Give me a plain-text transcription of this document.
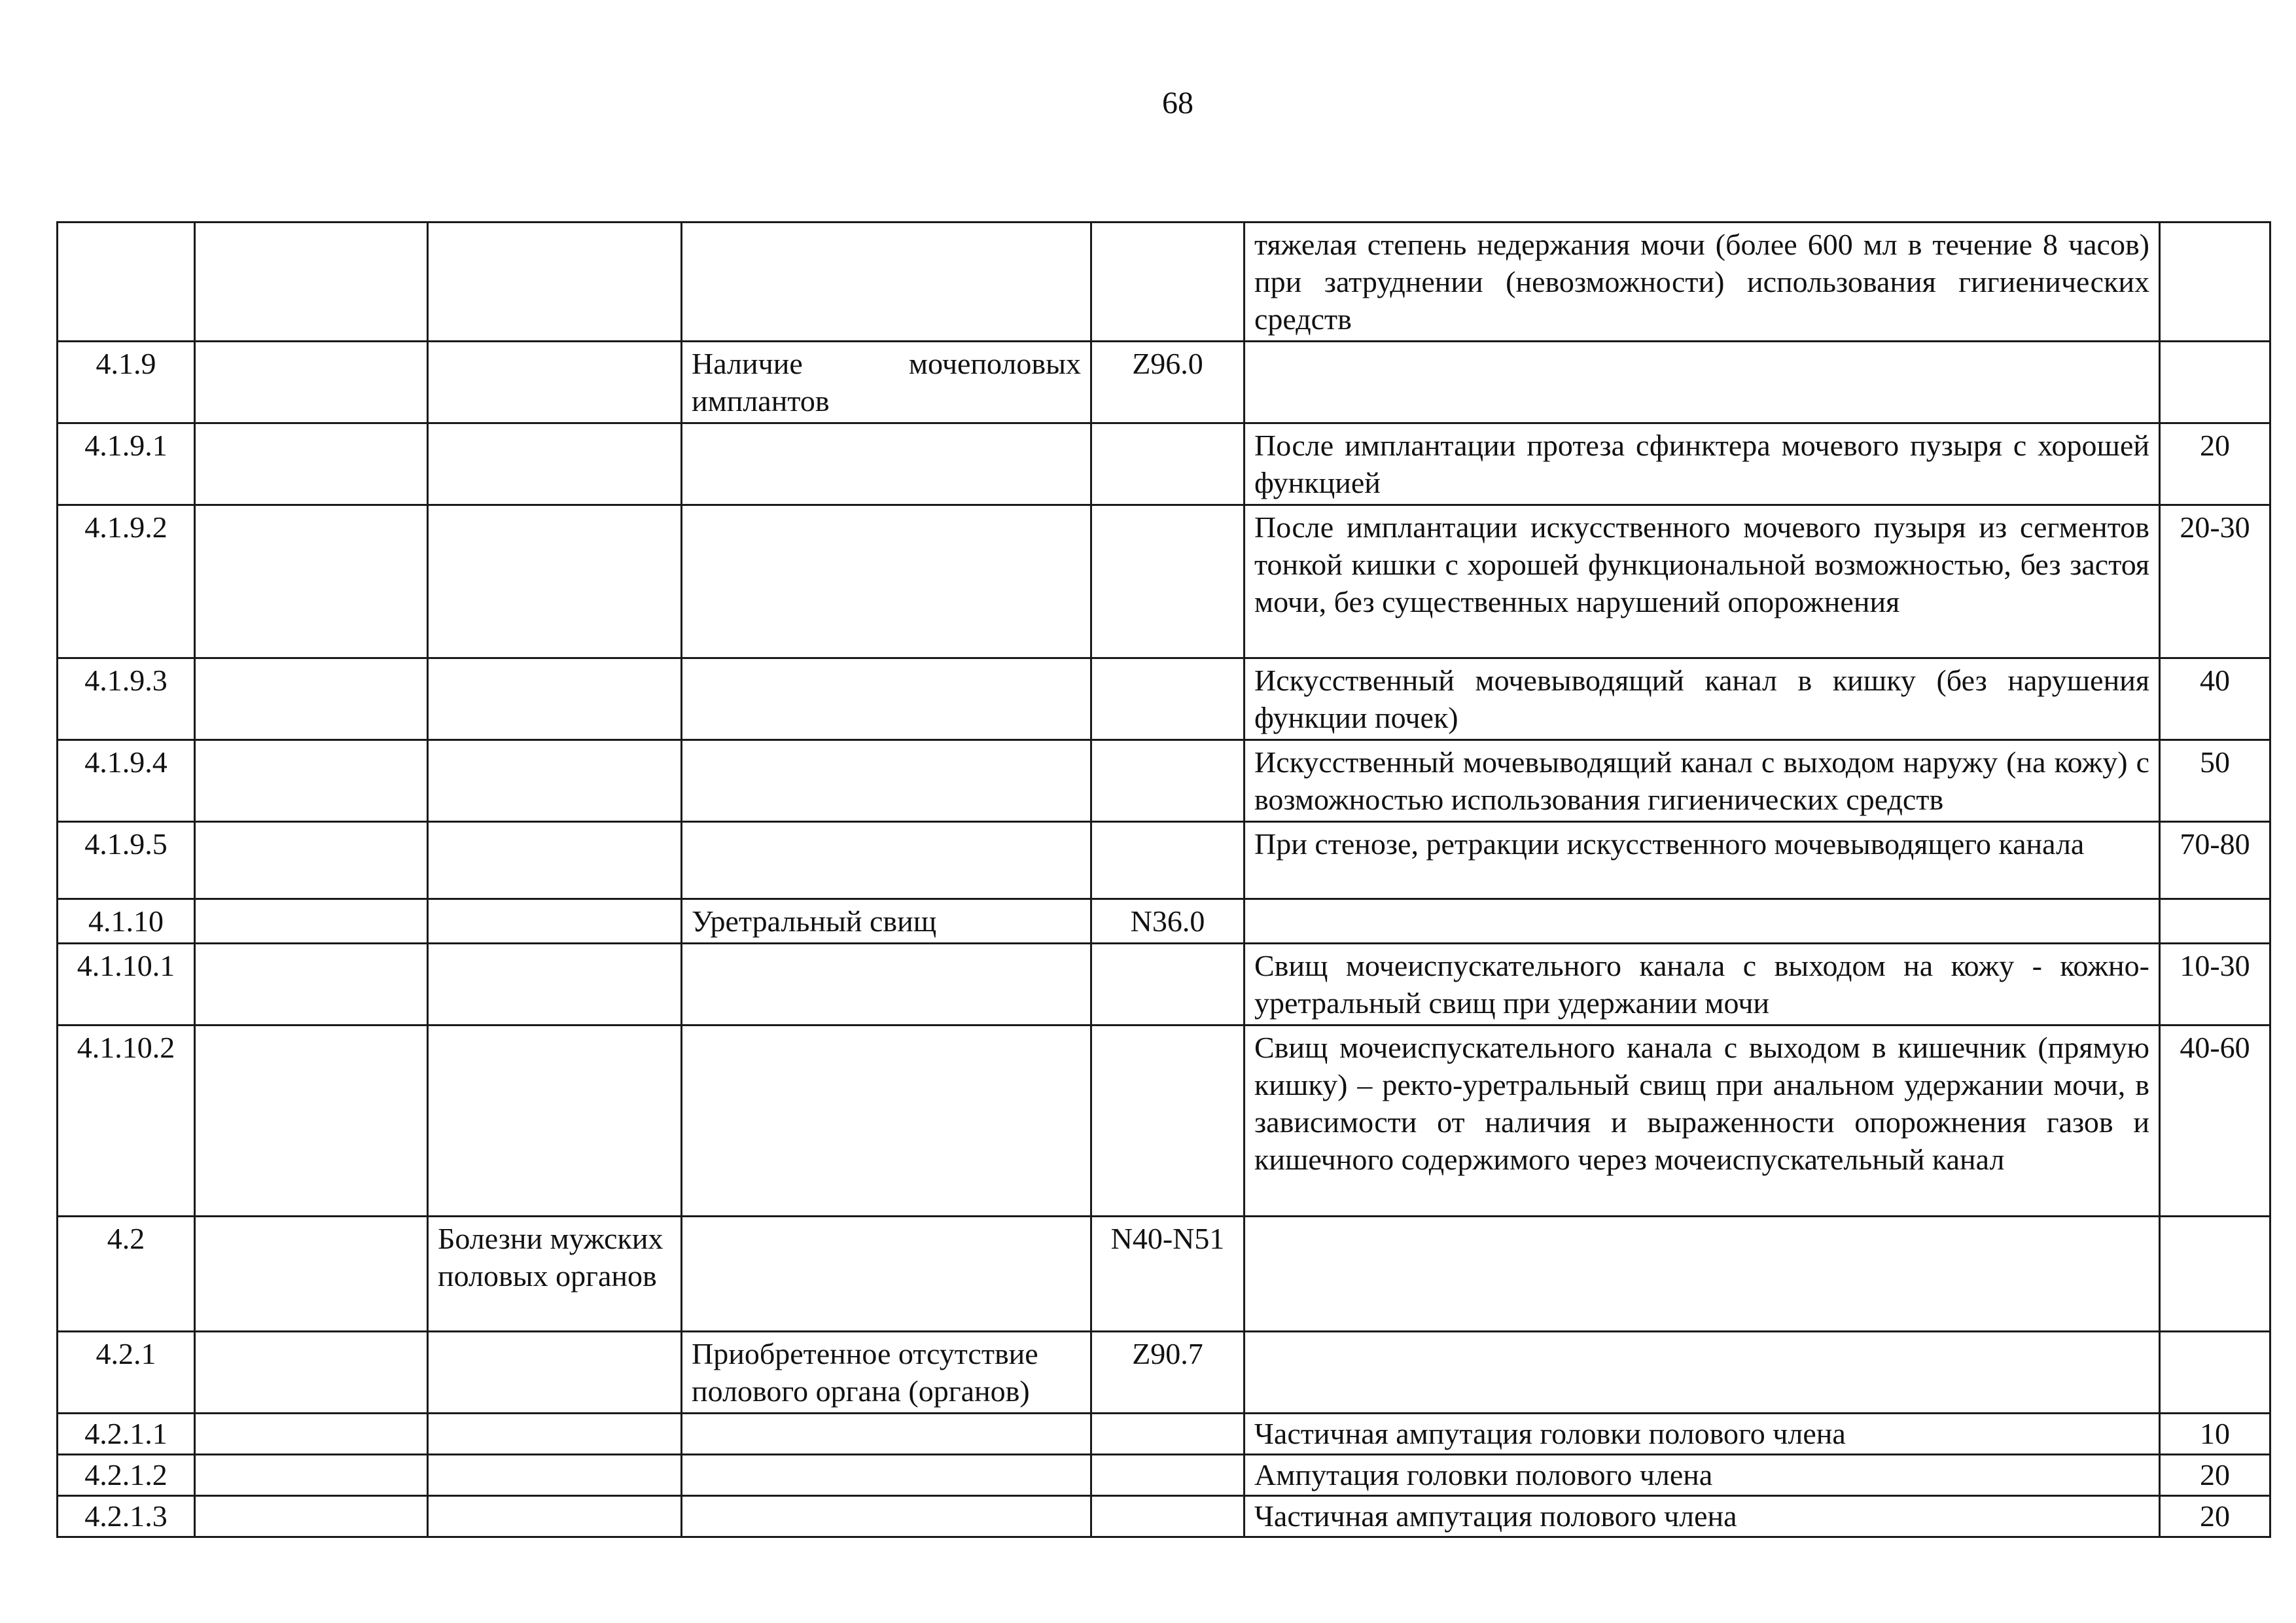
68
					тяжелая степень недержания мочи (более 600 мл в течение 8 часов) при затруднении (невозможности) использования гигиенических средств	
4.1.9			Наличие мочеполовых имплантов	Z96.0		
4.1.9.1					После имплантации протеза сфинктера мочевого пузыря с хорошей функцией	20
4.1.9.2					После имплантации искусственного мочевого пузыря из сегментов тонкой кишки с хорошей функциональной возможностью, без застоя мочи, без существенных нарушений опорожнения	20-30
4.1.9.3					Искусственный мочевыводящий канал в кишку (без нарушения функции почек)	40
4.1.9.4					Искусственный мочевыводящий канал с выходом наружу (на кожу) с возможностью использования гигиенических средств	50
4.1.9.5					При стенозе, ретракции искусственного мочевыводящего канала	70-80
4.1.10			Уретральный свищ	N36.0		
4.1.10.1					Свищ мочеиспускательного канала с выходом на кожу - кожно-уретральный свищ при удержании мочи	10-30
4.1.10.2					Свищ мочеиспускательного канала с выходом в кишечник (прямую кишку) – ректо-уретральный свищ при анальном удержании мочи, в зависимости от наличия и выраженности опорожнения газов и кишечного содержимого через мочеиспускательный канал	40-60
4.2		Болезни мужских половых органов		N40-N51		
4.2.1			Приобретенное отсутствие полового органа (органов)	Z90.7		
4.2.1.1					Частичная ампутация головки полового члена	10
4.2.1.2					Ампутация головки полового члена	20
4.2.1.3					Частичная ампутация полового члена	20
